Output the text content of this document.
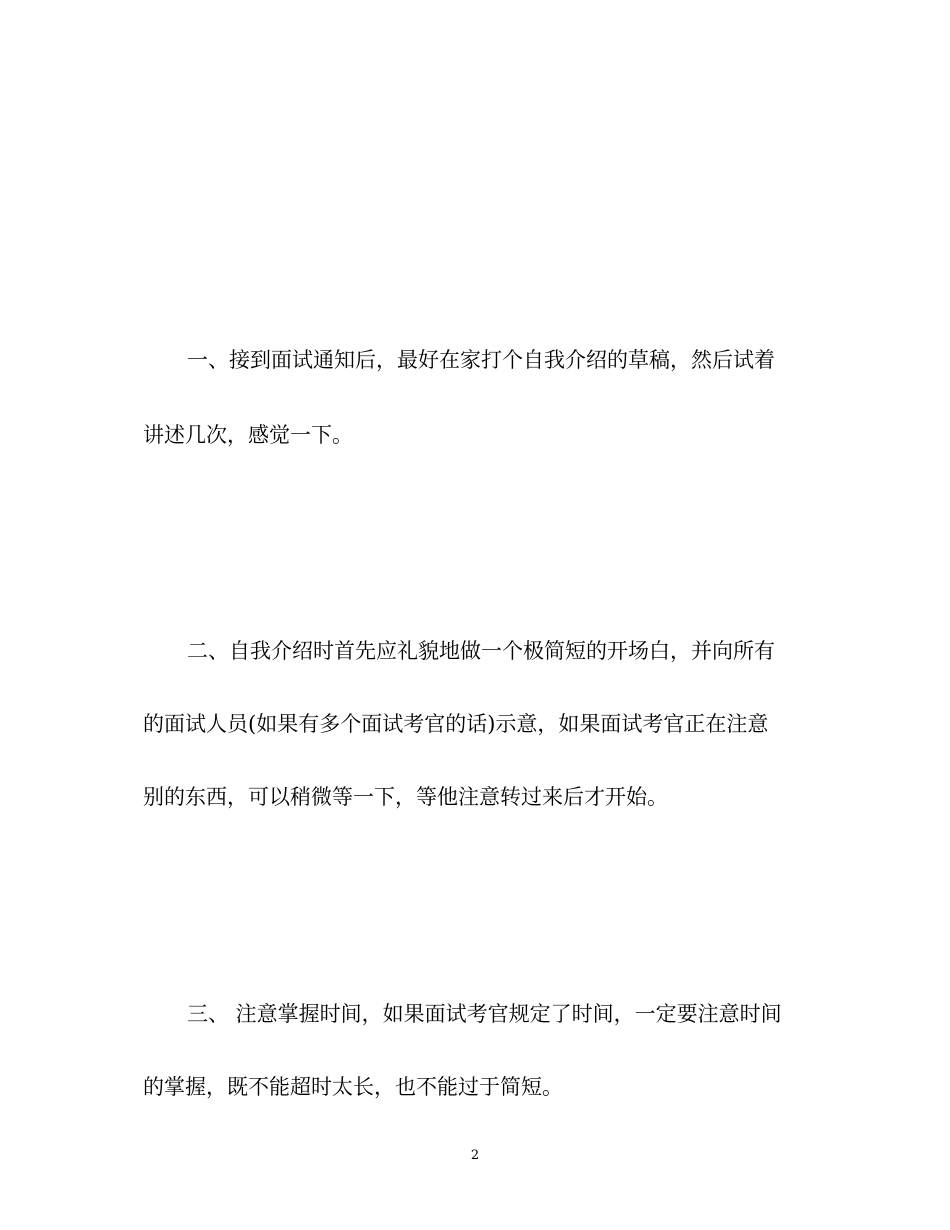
一、接到面试通知后，最好在家打个自我介绍的草稿，然后试着
讲述几次，感觉一下。
二、自我介绍时首先应礼貌地做一个极简短的开场白，并向所有
的面试人员(如果有多个面试考官的话)示意，如果面试考官正在注意
别的东西，可以稍微等一下，等他注意转过来后才开始。
三、 注意掌握时间，如果面试考官规定了时间，一定要注意时间
的掌握，既不能超时太长，也不能过于简短。
2
